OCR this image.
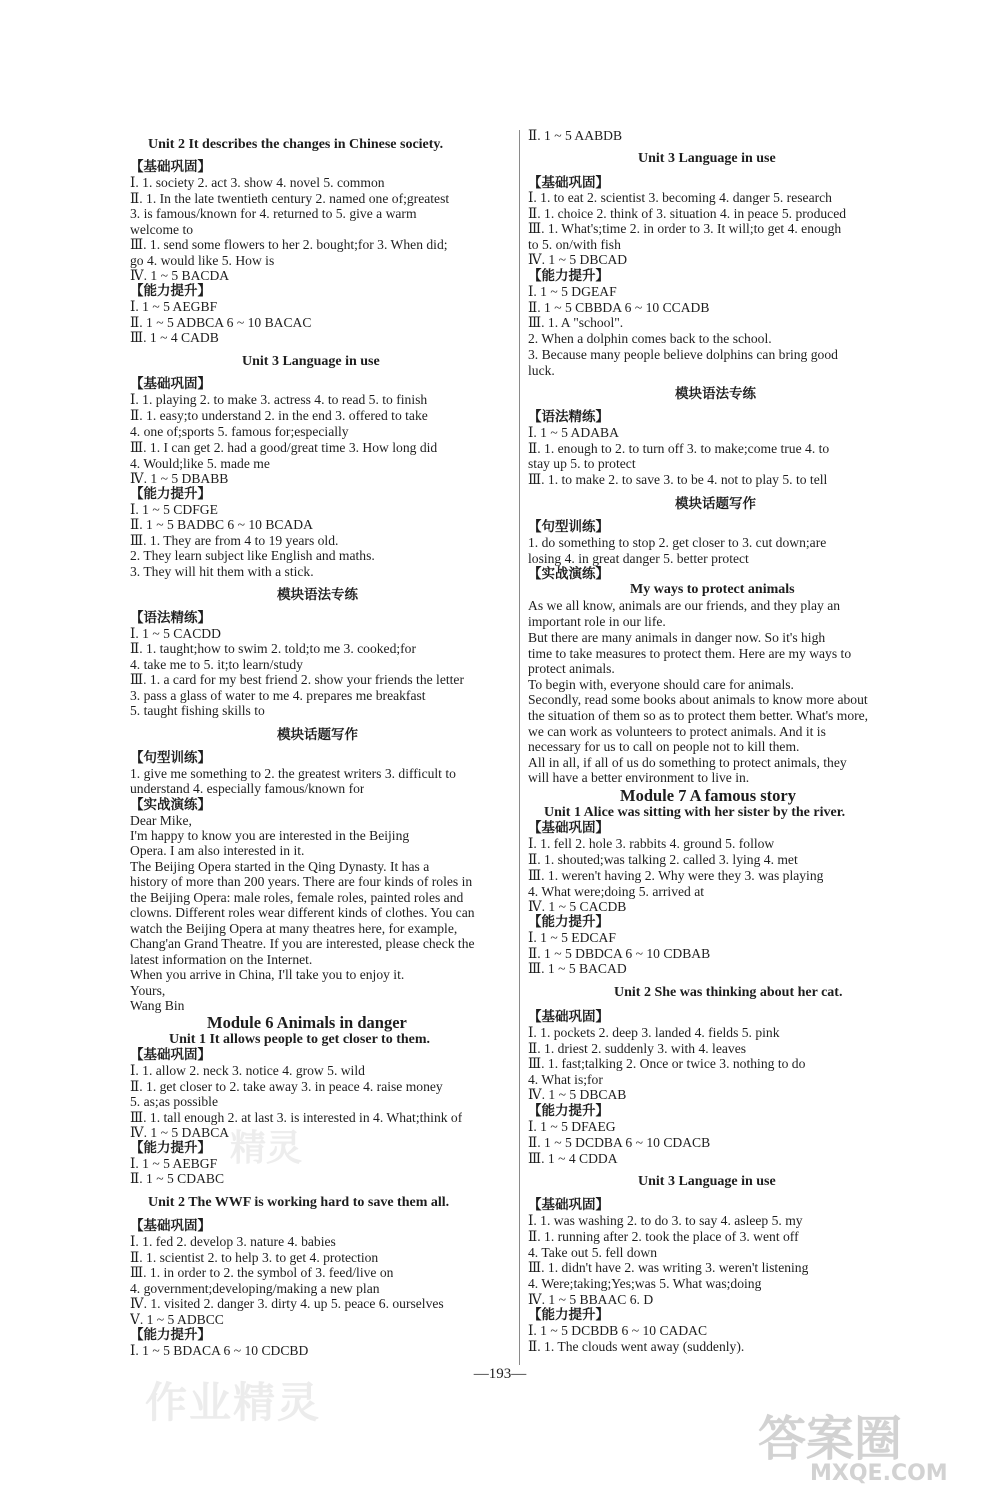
Unit 2 It describes the changes in Chinese society.
【基础巩固】
Ⅰ. 1. society 2. act 3. show 4. novel 5. common
Ⅱ. 1. In the late twentieth century 2. named one of;greatest
3. is famous/known for 4. returned to 5. give a warm
welcome to
Ⅲ. 1. send some flowers to her 2. bought;for 3. When did;
go 4. would like 5. How is
Ⅳ. 1 ~ 5 BACDA
【能力提升】
Ⅰ. 1 ~ 5 AEGBF
Ⅱ. 1 ~ 5 ADBCA 6 ~ 10 BACAC
Ⅲ. 1 ~ 4 CADB
Unit 3 Language in use
【基础巩固】
Ⅰ. 1. playing 2. to make 3. actress 4. to read 5. to finish
Ⅱ. 1. easy;to understand 2. in the end 3. offered to take
4. one of;sports 5. famous for;especially
Ⅲ. 1. I can get 2. had a good/great time 3. How long did
4. Would;like 5. made me
Ⅳ. 1 ~ 5 DBABB
【能力提升】
Ⅰ. 1 ~ 5 CDFGE
Ⅱ. 1 ~ 5 BADBC 6 ~ 10 BCADA
Ⅲ. 1. They are from 4 to 19 years old.
2. They learn subject like English and maths.
3. They will hit them with a stick.
模块语法专练
【语法精练】
Ⅰ. 1 ~ 5 CACDD
Ⅱ. 1. taught;how to swim 2. told;to me 3. cooked;for
4. take me to 5. it;to learn/study
Ⅲ. 1. a card for my best friend 2. show your friends the letter
3. pass a glass of water to me 4. prepares me breakfast
5. taught fishing skills to
模块话题写作
【句型训练】
1. give me something to 2. the greatest writers 3. difficult to
understand 4. especially famous/known for
【实战演练】
Dear Mike,
I'm happy to know you are interested in the Beijing
Opera. I am also interested in it.
The Beijing Opera started in the Qing Dynasty. It has a
history of more than 200 years. There are four kinds of roles in
the Beijing Opera: male roles, female roles, painted roles and
clowns. Different roles wear different kinds of clothes. You can
watch the Beijing Opera at many theatres here, for example,
Chang'an Grand Theatre. If you are interested, please check the
latest information on the Internet.
When you arrive in China, I'll take you to enjoy it.
Yours,
Wang Bin
Module 6 Animals in danger
Unit 1 It allows people to get closer to them.
【基础巩固】
Ⅰ. 1. allow 2. neck 3. notice 4. grow 5. wild
Ⅱ. 1. get closer to 2. take away 3. in peace 4. raise money
5. as;as possible
Ⅲ. 1. tall enough 2. at last 3. is interested in 4. What;think of
Ⅳ. 1 ~ 5 DABCA
【能力提升】
Ⅰ. 1 ~ 5 AEBGF
Ⅱ. 1 ~ 5 CDABC
Unit 2 The WWF is working hard to save them all.
【基础巩固】
Ⅰ. 1. fed 2. develop 3. nature 4. babies
Ⅱ. 1. scientist 2. to help 3. to get 4. protection
Ⅲ. 1. in order to 2. the symbol of 3. feed/live on
4. government;developing/making a new plan
Ⅳ. 1. visited 2. danger 3. dirty 4. up 5. peace 6. ourselves
Ⅴ. 1 ~ 5 ADBCC
【能力提升】
Ⅰ. 1 ~ 5 BDACA 6 ~ 10 CDCBD
Ⅱ. 1 ~ 5 AABDB
Unit 3 Language in use
【基础巩固】
Ⅰ. 1. to eat 2. scientist 3. becoming 4. danger 5. research
Ⅱ. 1. choice 2. think of 3. situation 4. in peace 5. produced
Ⅲ. 1. What's;time 2. in order to 3. It will;to get 4. enough
to 5. on/with fish
Ⅳ. 1 ~ 5 DBCAD
【能力提升】
Ⅰ. 1 ~ 5 DGEAF
Ⅱ. 1 ~ 5 CBBDA 6 ~ 10 CCADB
Ⅲ. 1. A "school".
2. When a dolphin comes back to the school.
3. Because many people believe dolphins can bring good
luck.
模块语法专练
【语法精练】
Ⅰ. 1 ~ 5 ADABA
Ⅱ. 1. enough to 2. to turn off 3. to make;come true 4. to
stay up 5. to protect
Ⅲ. 1. to make 2. to save 3. to be 4. not to play 5. to tell
模块话题写作
【句型训练】
1. do something to stop 2. get closer to 3. cut down;are
losing 4. in great danger 5. better protect
【实战演练】
My ways to protect animals
As we all know, animals are our friends, and they play an
important role in our life.
But there are many animals in danger now. So it's high
time to take measures to protect them. Here are my ways to
protect animals.
To begin with, everyone should care for animals.
Secondly, read some books about animals to know more about
the situation of them so as to protect them better. What's more,
we can work as volunteers to protect animals. And it is
necessary for us to call on people not to kill them.
All in all, if all of us do something to protect animals, they
will have a better environment to live in.
Module 7 A famous story
Unit 1 Alice was sitting with her sister by the river.
【基础巩固】
Ⅰ. 1. fell 2. hole 3. rabbits 4. ground 5. follow
Ⅱ. 1. shouted;was talking 2. called 3. lying 4. met
Ⅲ. 1. weren't having 2. Why were they 3. was playing
4. What were;doing 5. arrived at
Ⅳ. 1 ~ 5 CACDB
【能力提升】
Ⅰ. 1 ~ 5 EDCAF
Ⅱ. 1 ~ 5 DBDCA 6 ~ 10 CDBAB
Ⅲ. 1 ~ 5 BACAD
Unit 2 She was thinking about her cat.
【基础巩固】
Ⅰ. 1. pockets 2. deep 3. landed 4. fields 5. pink
Ⅱ. 1. driest 2. suddenly 3. with 4. leaves
Ⅲ. 1. fast;talking 2. Once or twice 3. nothing to do
4. What is;for
Ⅳ. 1 ~ 5 DBCAB
【能力提升】
Ⅰ. 1 ~ 5 DFAEG
Ⅱ. 1 ~ 5 DCDBA 6 ~ 10 CDACB
Ⅲ. 1 ~ 4 CDDA
Unit 3 Language in use
【基础巩固】
Ⅰ. 1. was washing 2. to do 3. to say 4. asleep 5. my
Ⅱ. 1. running after 2. took the place of 3. went off
4. Take out 5. fell down
Ⅲ. 1. didn't have 2. was writing 3. weren't listening
4. Were;taking;Yes;was 5. What was;doing
Ⅳ. 1 ~ 5 BBAAC 6. D
【能力提升】
Ⅰ. 1 ~ 5 DCBDB 6 ~ 10 CADAC
Ⅱ. 1. The clouds went away (suddenly).
精灵
作业精灵
—193—
答案圈
MXQE.COM
